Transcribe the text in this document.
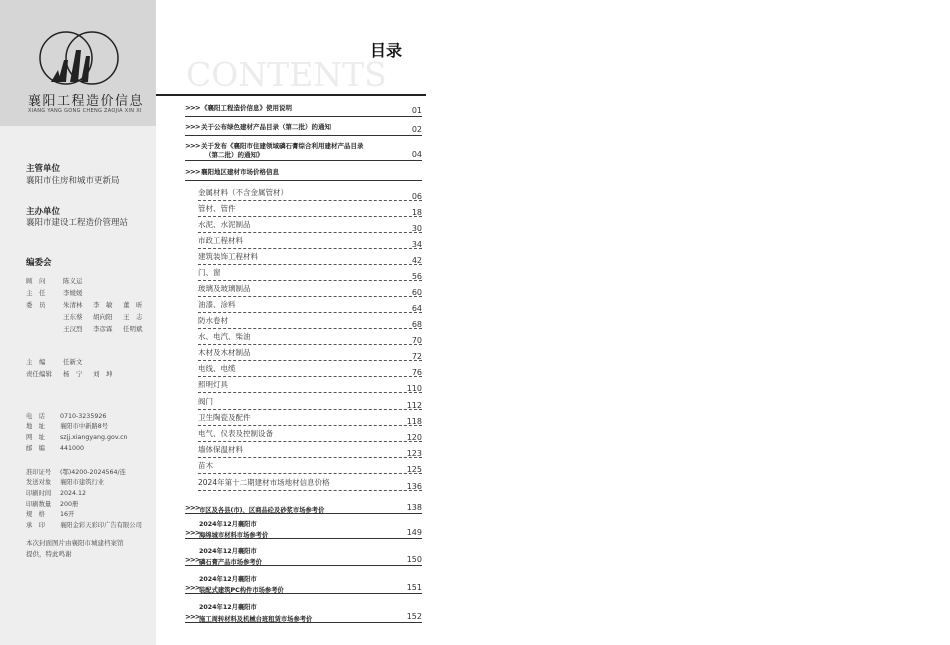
襄阳工程造价信息
XIANG YANG GONG CHENG ZAOJIA XIN XI
主管单位
襄阳市住房和城市更新局
主办单位
襄阳市建设工程造价管理站
编委会
顾　问	陈义运
主　任	李媛媛
委　员	朱清林 李　敏 董　昕
王东蔡 胡向阳 王　志
王汉烈 李彦霖 任明斌
主　编	任新文
责任编辑 杨　宁 刘　坤
电　话 0710-3235926
地　址 襄阳市中新路8号
网　址 szjj.xiangyang.gov.cn
邮　编 441000
准印证号 (鄂)4200-2024564/连
发送对象 襄阳市建筑行业
印刷时间 2024.12
印刷数量 200册
规　格 16开
承　印 襄阳金彩天彩印广告有限公司
本次封面图片由襄阳市城建档案馆
提供，特此鸣谢
CONTENTS
目录
>>> 《襄阳工程造价信息》使用说明	01
>>> 关于公布绿色建材产品目录（第二批）的通知	02
>>> 关于发布《襄阳市住建领域磷石膏综合利用建材产品目录
（第二批）的通知》	04
>>> 襄阳地区建材市场价格信息
金属材料（不含金属管材）	06
管材、管件	18
水泥、水泥制品	30
市政工程材料	34
建筑装饰工程材料	42
门、窗	56
玻璃及玻璃制品	60
油漆、涂料	64
防水卷材	68
水、电汽、柴油	70
木材及木材制品	72
电线、电缆	76
照明灯具	110
阀门	112
卫生陶瓷及配件	118
电气、仪表及控制设备	120
墙体保温材料	123
苗木	125
2024年第十二期建材市场地材信息价格	136
>>> 市区及各县(市)、区商品砼及砂浆市场参考价	138
2024年12月襄阳市
>>> 海绵城市材料市场参考价	149
2024年12月襄阳市
>>> 磷石膏产品市场参考价	150
2024年12月襄阳市
>>> 装配式建筑PC构件市场参考价	151
2024年12月襄阳市
>>> 施工周转材料及机械台班租赁市场参考价	152
